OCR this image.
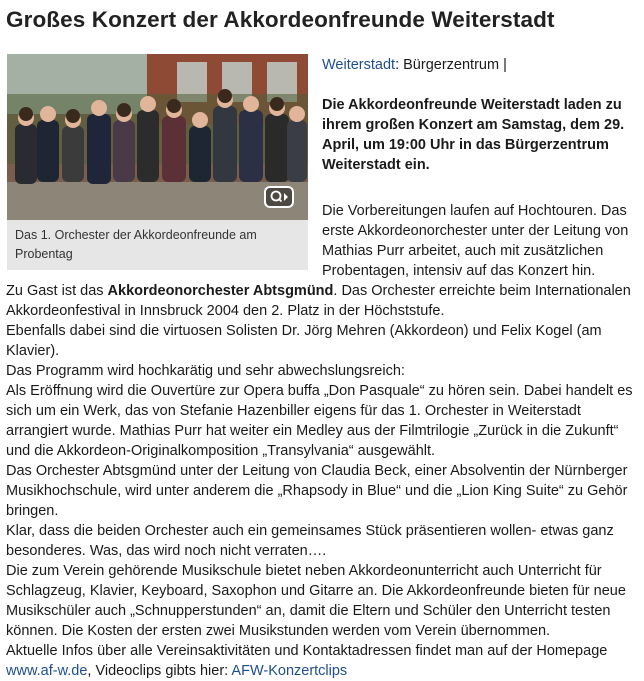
Großes Konzert der Akkordeonfreunde Weiterstadt
Das 1. Orchester der Akkordeonfreunde am Probentag

Weiterstadt: Bürgerzentrum |

Die Akkordeonfreunde Weiterstadt laden zu ihrem großen Konzert am Samstag, dem 29. April, um 19:00 Uhr in das Bürgerzentrum Weiterstadt ein.

Die Vorbereitungen laufen auf Hochtouren. Das erste Akkordeonorchester unter der Leitung von Mathias Purr arbeitet, auch mit zusätzlichen Probentagen, intensiv auf das Konzert hin.

Zu Gast ist das Akkordeonorchester Abtsgmünd. Das Orchester erreichte beim Internationalen Akkordeonfestival in Innsbruck 2004 den 2. Platz in der Höchststufe.

Ebenfalls dabei sind die virtuosen Solisten Dr. Jörg Mehren (Akkordeon) und Felix Kogel (am Klavier).

Das Programm wird hochkarätig und sehr abwechslungsreich:

Als Eröffnung wird die Ouvertüre zur Opera buffa „Don Pasquale“ zu hören sein. Dabei handelt es sich um ein Werk, das von Stefanie Hazenbiller eigens für das 1. Orchester in Weiterstadt arrangiert wurde. Mathias Purr hat weiter ein Medley aus der Filmtrilogie „Zurück in die Zukunft“ und die Akkordeon-Originalkomposition „Transylvania“ ausgewählt.

Das Orchester Abtsgmünd unter der Leitung von Claudia Beck, einer Absolventin der Nürnberger Musikhochschule, wird unter anderem die „Rhapsody in Blue“ und die „Lion King Suite“ zu Gehör bringen.

Klar, dass die beiden Orchester auch ein gemeinsames Stück präsentieren wollen- etwas ganz besonderes. Was, das wird noch nicht verraten….

Die zum Verein gehörende Musikschule bietet neben Akkordeonunterricht auch Unterricht für Schlagzeug, Klavier, Keyboard, Saxophon und Gitarre an. Die Akkordeonfreunde bieten für neue Musikschüler auch „Schnupperstunden“ an, damit die Eltern und Schüler den Unterricht testen können. Die Kosten der ersten zwei Musikstunden werden vom Verein übernommen.

Aktuelle Infos über alle Vereinsaktivitäten und Kontaktadressen findet man auf der Homepage www.af-w.de, Videoclips gibts hier: AFW-Konzertclips
